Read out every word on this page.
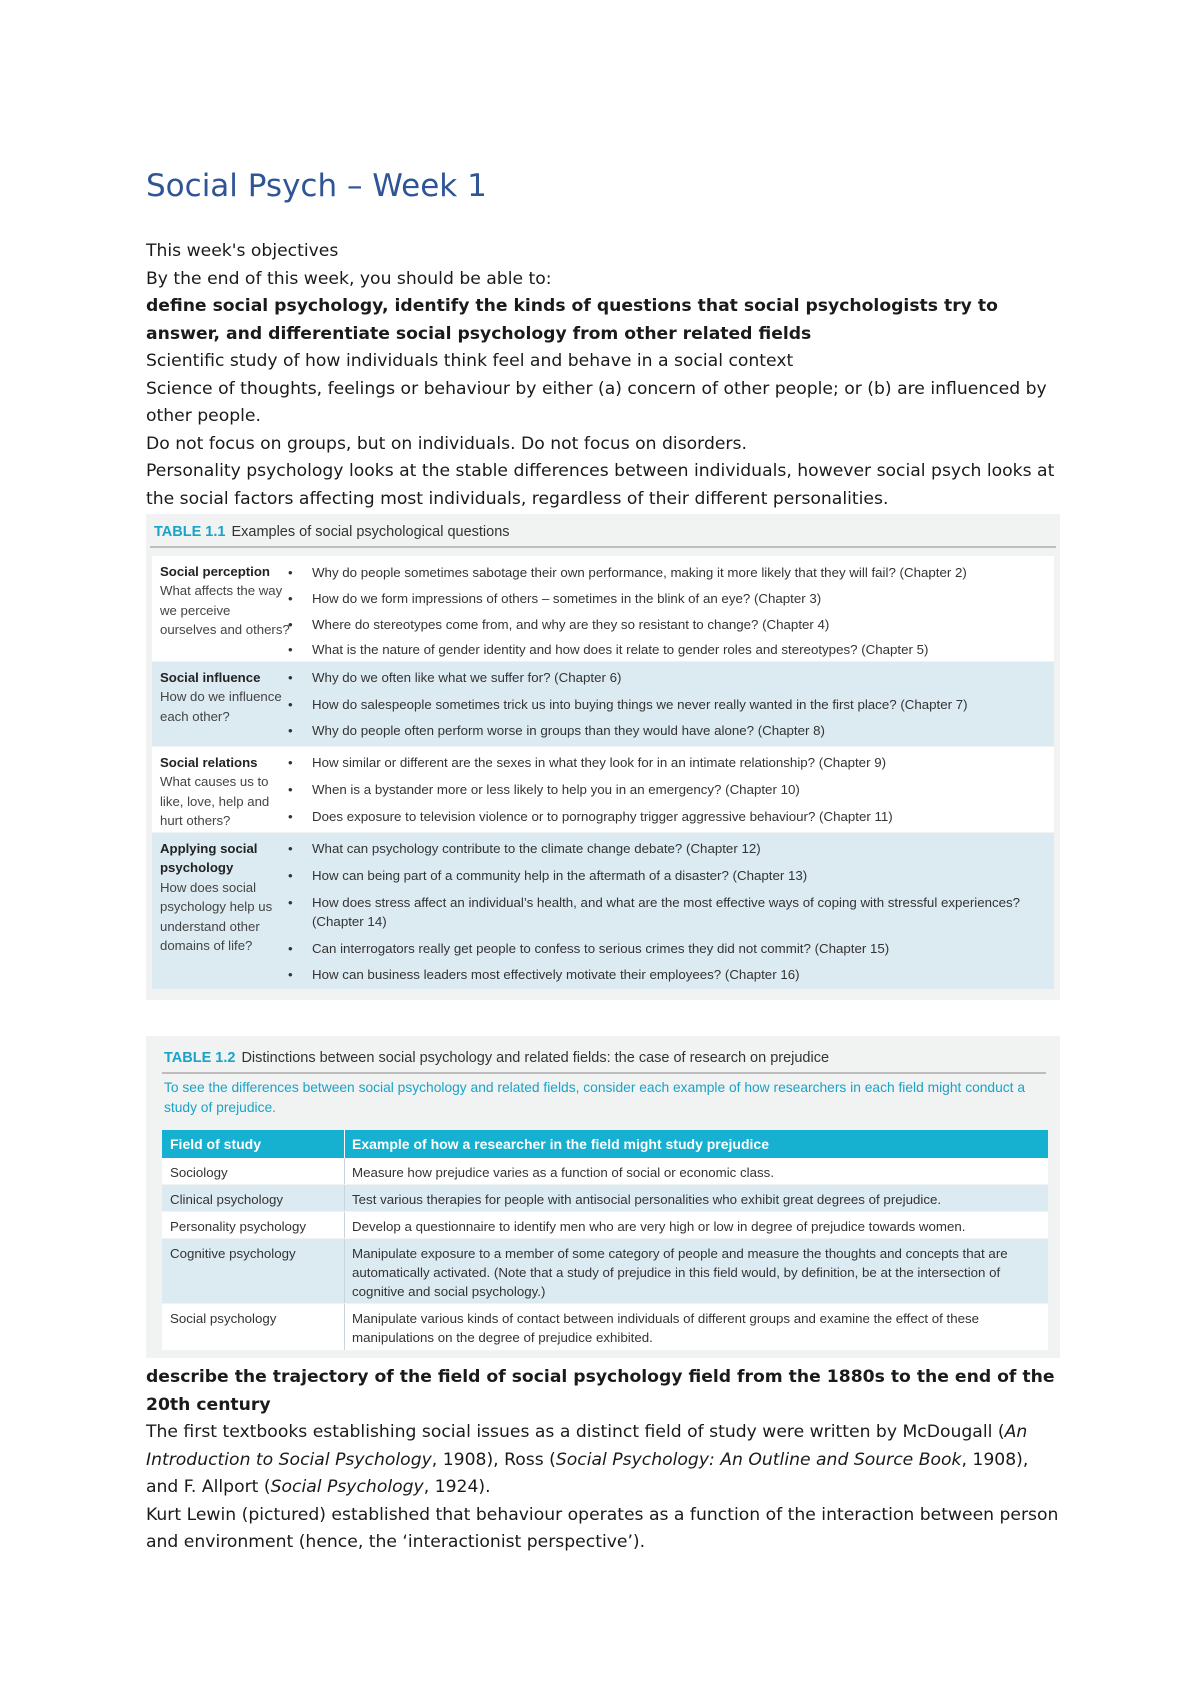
Social Psych – Week 1

This week's objectives

By the end of this week, you should be able to:

define social psychology, identify the kinds of questions that social psychologists try to answer, and differentiate social psychology from other related fields

Scientific study of how individuals think feel and behave in a social context

Science of thoughts, feelings or behaviour by either (a) concern of other people; or (b) are influenced by other people.

Do not focus on groups, but on individuals. Do not focus on disorders.

Personality psychology looks at the stable differences between individuals, however social psych looks at the social factors affecting most individuals, regardless of their different personalities.

TABLE 1.1 Examples of social psychological questions
Social perception
What affects the way we perceive ourselves and others?
•	Why do people sometimes sabotage their own performance, making it more likely that they will fail? (Chapter 2)
•	How do we form impressions of others – sometimes in the blink of an eye? (Chapter 3)
•	Where do stereotypes come from, and why are they so resistant to change? (Chapter 4)
•	What is the nature of gender identity and how does it relate to gender roles and stereotypes? (Chapter 5)
Social influence
How do we influence each other?
•	Why do we often like what we suffer for? (Chapter 6)
•	How do salespeople sometimes trick us into buying things we never really wanted in the first place? (Chapter 7)
•	Why do people often perform worse in groups than they would have alone? (Chapter 8)
Social relations
What causes us to like, love, help and hurt others?
•	How similar or different are the sexes in what they look for in an intimate relationship? (Chapter 9)
•	When is a bystander more or less likely to help you in an emergency? (Chapter 10)
•	Does exposure to television violence or to pornography trigger aggressive behaviour? (Chapter 11)
Applying social psychology
How does social psychology help us understand other domains of life?
•	What can psychology contribute to the climate change debate? (Chapter 12)
•	How can being part of a community help in the aftermath of a disaster? (Chapter 13)
•	How does stress affect an individual’s health, and what are the most effective ways of coping with stressful experiences? (Chapter 14)
•	Can interrogators really get people to confess to serious crimes they did not commit? (Chapter 15)
•	How can business leaders most effectively motivate their employees? (Chapter 16)
TABLE 1.2 Distinctions between social psychology and related fields: the case of research on prejudice
To see the differences between social psychology and related fields, consider each example of how researchers in each field might conduct a study of prejudice.
Field of study	Example of how a researcher in the field might study prejudice
Sociology	Measure how prejudice varies as a function of social or economic class.
Clinical psychology	Test various therapies for people with antisocial personalities who exhibit great degrees of prejudice.
Personality psychology	Develop a questionnaire to identify men who are very high or low in degree of prejudice towards women.
Cognitive psychology	Manipulate exposure to a member of some category of people and measure the thoughts and concepts that are automatically activated. (Note that a study of prejudice in this field would, by definition, be at the intersection of cognitive and social psychology.)
Social psychology	Manipulate various kinds of contact between individuals of different groups and examine the effect of these manipulations on the degree of prejudice exhibited.

describe the trajectory of the field of social psychology field from the 1880s to the end of the 20th century

The first textbooks establishing social issues as a distinct field of study were written by McDougall (An Introduction to Social Psychology, 1908), Ross (Social Psychology: An Outline and Source Book, 1908), and F. Allport (Social Psychology, 1924).

Kurt Lewin (pictured) established that behaviour operates as a function of the interaction between person and environment (hence, the ‘interactionist perspective’).
